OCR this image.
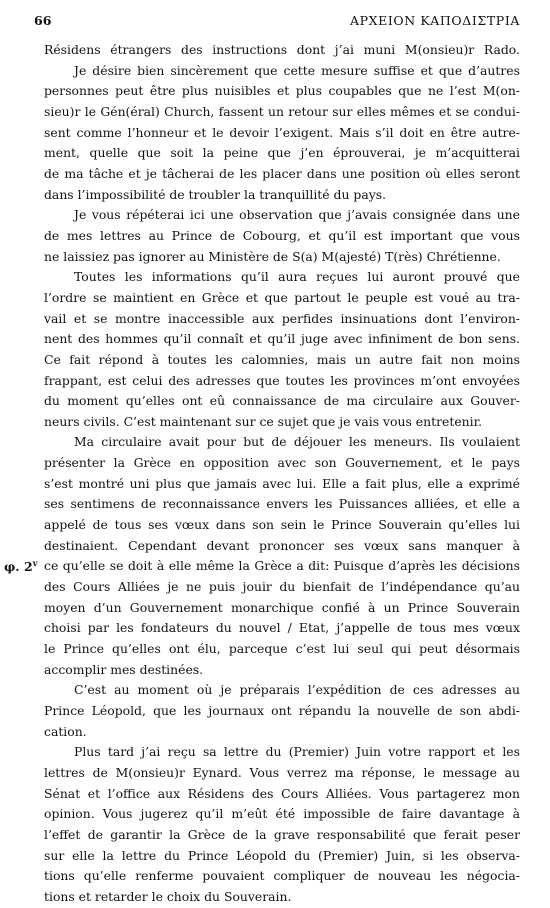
66	ΑΡΧΕΙΟΝ ΚΑΠΟΔΙΣΤΡΙΑ
φ. 2$^v$
Résidens étrangers des instructions dont j’ai muni M(onsieu)r Rado.
Je désire bien sincèrement que cette mesure suffise et que d’autres
personnes peut être plus nuisibles et plus coupables que ne l’est M(on-
sieu)r le Gén(éral) Church, fassent un retour sur elles mêmes et se condui-
sent comme l’honneur et le devoir l’exigent. Mais s’il doit en être autre-
ment, quelle que soit la peine que j’en éprouverai, je m’acquitterai
de ma tâche et je tâcherai de les placer dans une position où elles seront
dans l’impossibilité de troubler la tranquillité du pays.
Je vous répéterai ici une observation que j’avais consignée dans une
de mes lettres au Prince de Cobourg, et qu’il est important que vous
ne laissiez pas ignorer au Ministère de S(a) M(ajesté) T(rès) Chrétienne.
Toutes les informations qu’il aura reçues lui auront prouvé que
l’ordre se maintient en Grèce et que partout le peuple est voué au tra-
vail et se montre inaccessible aux perfides insinuations dont l’environ-
nent des hommes qu’il connaît et qu’il juge avec infiniment de bon sens.
Ce fait répond à toutes les calomnies, mais un autre fait non moins
frappant, est celui des adresses que toutes les provinces m’ont envoyées
du moment qu’elles ont eû connaissance de ma circulaire aux Gouver-
neurs civils. C’est maintenant sur ce sujet que je vais vous entretenir.
Ma circulaire avait pour but de déjouer les meneurs. Ils voulaient
présenter la Grèce en opposition avec son Gouvernement, et le pays
s’est montré uni plus que jamais avec lui. Elle a fait plus, elle a exprimé
ses sentimens de reconnaissance envers les Puissances alliées, et elle a
appelé de tous ses vœux dans son sein le Prince Souverain qu’elles lui
destinaient. Cependant devant prononcer ses vœux sans manquer à
ce qu’elle se doit à elle même la Grèce a dit: Puisque d’après les décisions
des Cours Alliées je ne puis jouir du bienfait de l’indépendance qu’au
moyen d’un Gouvernement monarchique confié à un Prince Souverain
choisi par les fondateurs du nouvel / Etat, j’appelle de tous mes vœux
le Prince qu’elles ont élu, parceque c’est lui seul qui peut désormais
accomplir mes destinées.
C’est au moment où je préparais l’expédition de ces adresses au
Prince Léopold, que les journaux ont répandu la nouvelle de son abdi-
cation.
Plus tard j’ai reçu sa lettre du (Premier) Juin votre rapport et les
lettres de M(onsieu)r Eynard. Vous verrez ma réponse, le message au
Sénat et l’office aux Résidens des Cours Alliées. Vous partagerez mon
opinion. Vous jugerez qu’il m’eût été impossible de faire davantage à
l’effet de garantir la Grèce de la grave responsabilité que ferait peser
sur elle la lettre du Prince Léopold du (Premier) Juin, si les observa-
tions qu’elle renferme pouvaient compliquer de nouveau les négocia-
tions et retarder le choix du Souverain.
